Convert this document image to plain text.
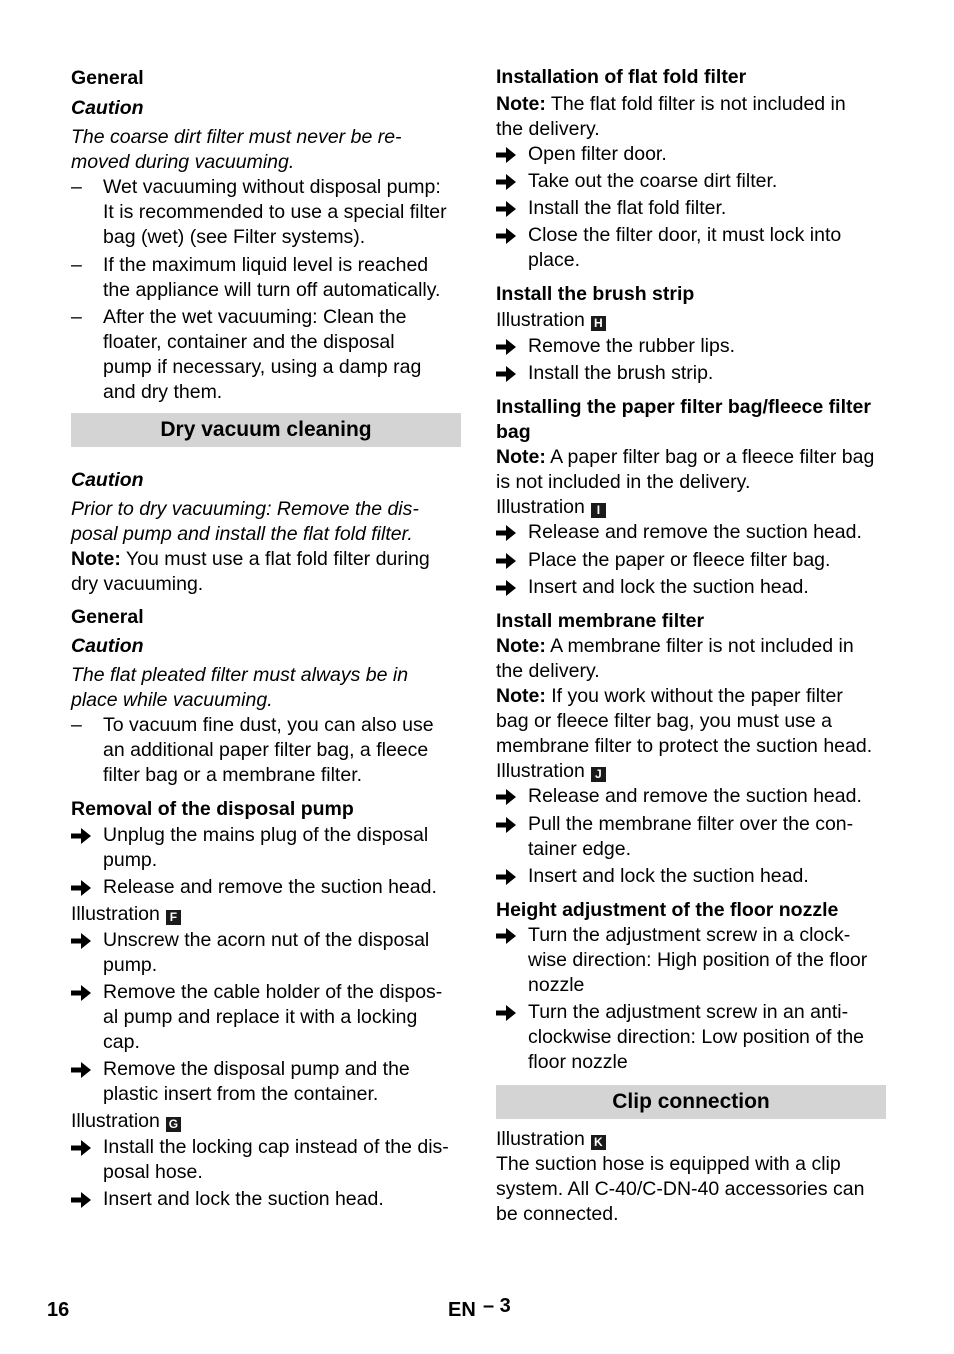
General
Caution
The coarse dirt filter must never be re-
moved during vacuuming.
– Wet vacuuming without disposal pump:
It is recommended to use a special filter
bag (wet) (see Filter systems).
– If the maximum liquid level is reached
the appliance will turn off automatically.
– After the wet vacuuming: Clean the
floater, container and the disposal
pump if necessary, using a damp rag
and dry them.
Dry vacuum cleaning
Caution
Prior to dry vacuuming: Remove the dis-
posal pump and install the flat fold filter.
Note: You must use a flat fold filter during
dry vacuuming.
General
Caution
The flat pleated filter must always be in
place while vacuuming.
– To vacuum fine dust, you can also use
an additional paper filter bag, a fleece
filter bag or a membrane filter.
Removal of the disposal pump
Unplug the mains plug of the disposal
pump.
Release and remove the suction head.
Illustration F
Unscrew the acorn nut of the disposal
pump.
Remove the cable holder of the dispos-
al pump and replace it with a locking
cap.
Remove the disposal pump and the
plastic insert from the container.
Illustration G
Install the locking cap instead of the dis-
posal hose.
Insert and lock the suction head.
Installation of flat fold filter
Note: The flat fold filter is not included in
the delivery.
Open filter door.
Take out the coarse dirt filter.
Install the flat fold filter.
Close the filter door, it must lock into
place.
Install the brush strip
Illustration H
Remove the rubber lips.
Install the brush strip.
Installing the paper filter bag/fleece filter
bag
Note: A paper filter bag or a fleece filter bag
is not included in the delivery.
Illustration I
Release and remove the suction head.
Place the paper or fleece filter bag.
Insert and lock the suction head.
Install membrane filter
Note: A membrane filter is not included in
the delivery.
Note: If you work without the paper filter
bag or fleece filter bag, you must use a
membrane filter to protect the suction head.
Illustration J
Release and remove the suction head.
Pull the membrane filter over the con-
tainer edge.
Insert and lock the suction head.
Height adjustment of the floor nozzle
Turn the adjustment screw in a clock-
wise direction: High position of the floor
nozzle
Turn the adjustment screw in an anti-
clockwise direction: Low position of the
floor nozzle
Clip connection
Illustration K
The suction hose is equipped with a clip
system. All C-40/C-DN-40 accessories can
be connected.
16	EN – 3
